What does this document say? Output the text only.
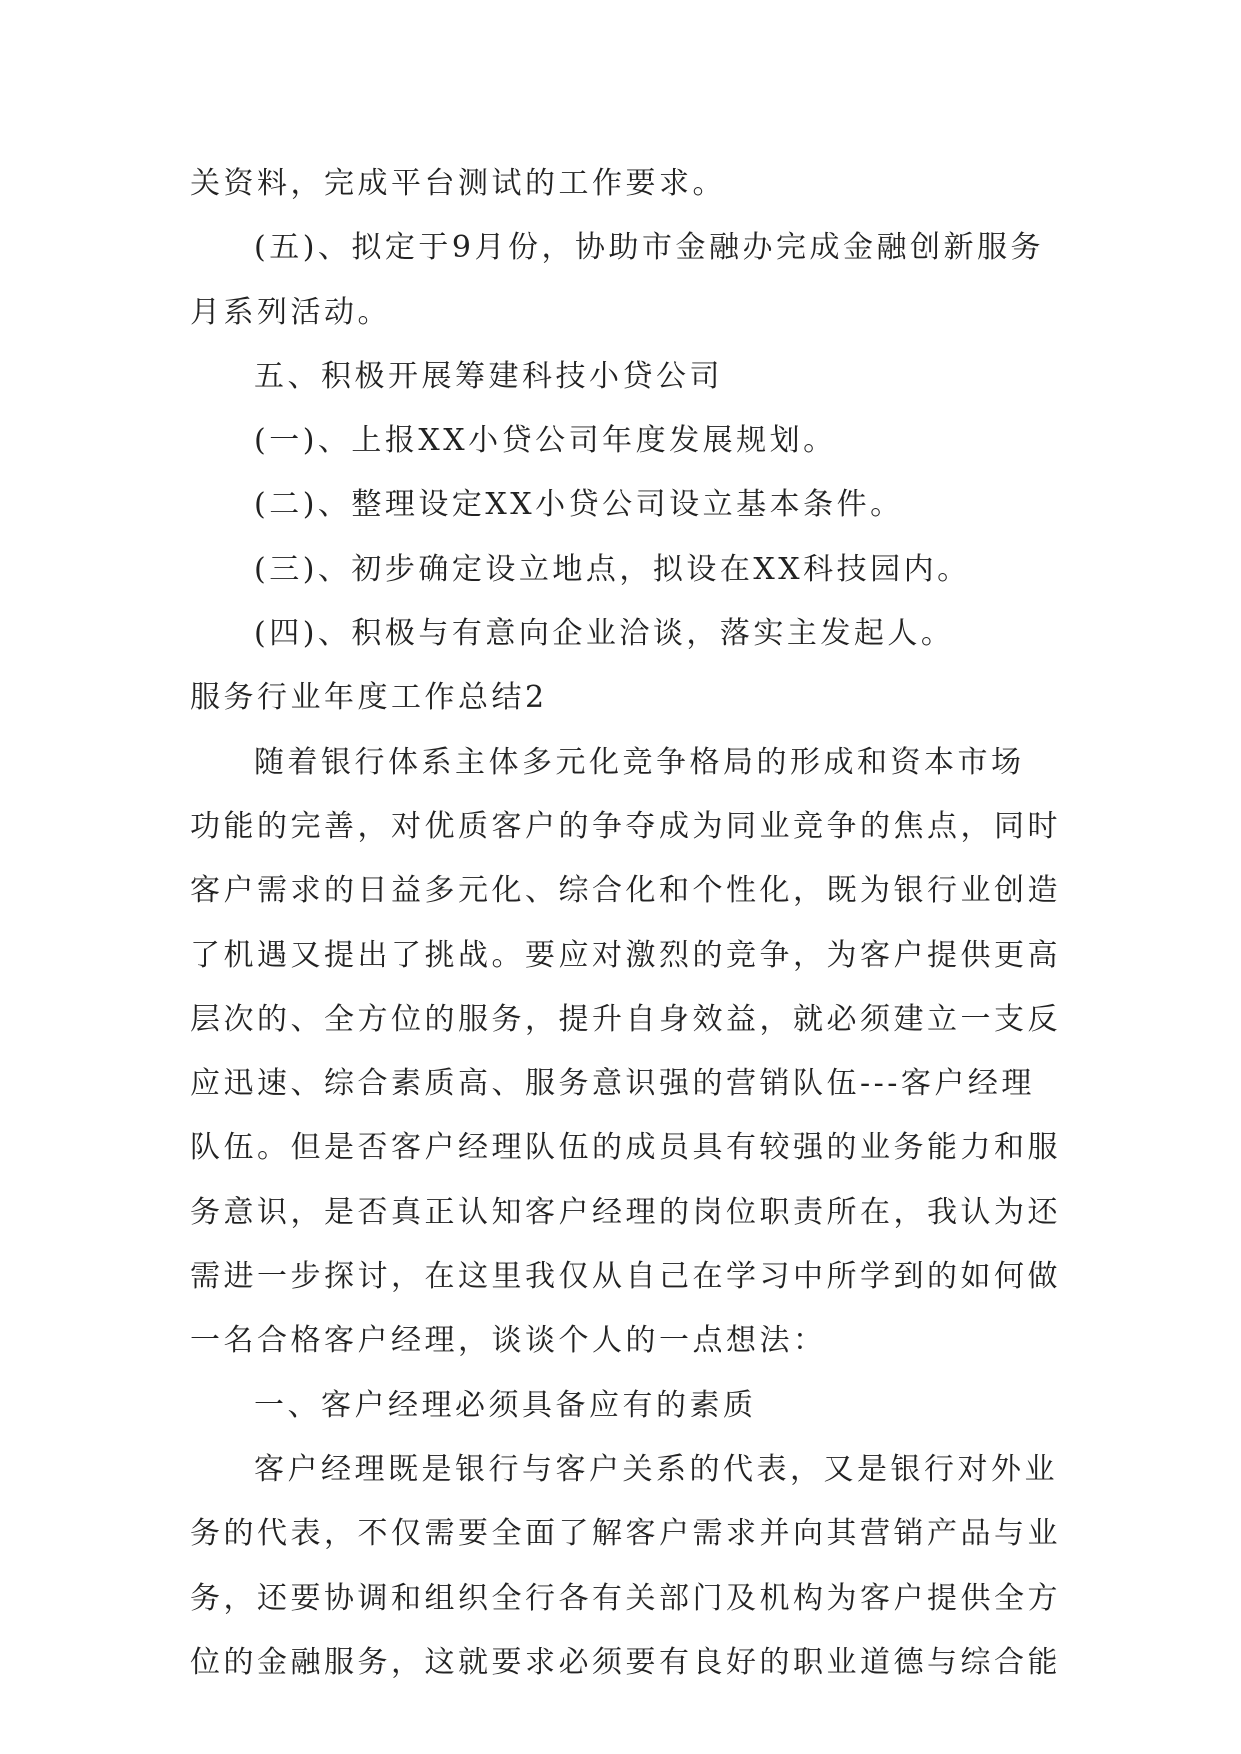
关资料，完成平台测试的工作要求。
(五)、拟定于9月份，协助市金融办完成金融创新服务
月系列活动。
五、积极开展筹建科技小贷公司
(一)、上报XX小贷公司年度发展规划。
(二)、整理设定XX小贷公司设立基本条件。
(三)、初步确定设立地点，拟设在XX科技园内。
(四)、积极与有意向企业洽谈，落实主发起人。
服务行业年度工作总结2
随着银行体系主体多元化竞争格局的形成和资本市场
功能的完善，对优质客户的争夺成为同业竞争的焦点，同时
客户需求的日益多元化、综合化和个性化，既为银行业创造
了机遇又提出了挑战。要应对激烈的竞争，为客户提供更高
层次的、全方位的服务，提升自身效益，就必须建立一支反
应迅速、综合素质高、服务意识强的营销队伍---客户经理
队伍。但是否客户经理队伍的成员具有较强的业务能力和服
务意识，是否真正认知客户经理的岗位职责所在，我认为还
需进一步探讨，在这里我仅从自己在学习中所学到的如何做
一名合格客户经理，谈谈个人的一点想法：
一、客户经理必须具备应有的素质
客户经理既是银行与客户关系的代表，又是银行对外业
务的代表，不仅需要全面了解客户需求并向其营销产品与业
务，还要协调和组织全行各有关部门及机构为客户提供全方
位的金融服务，这就要求必须要有良好的职业道德与综合能
